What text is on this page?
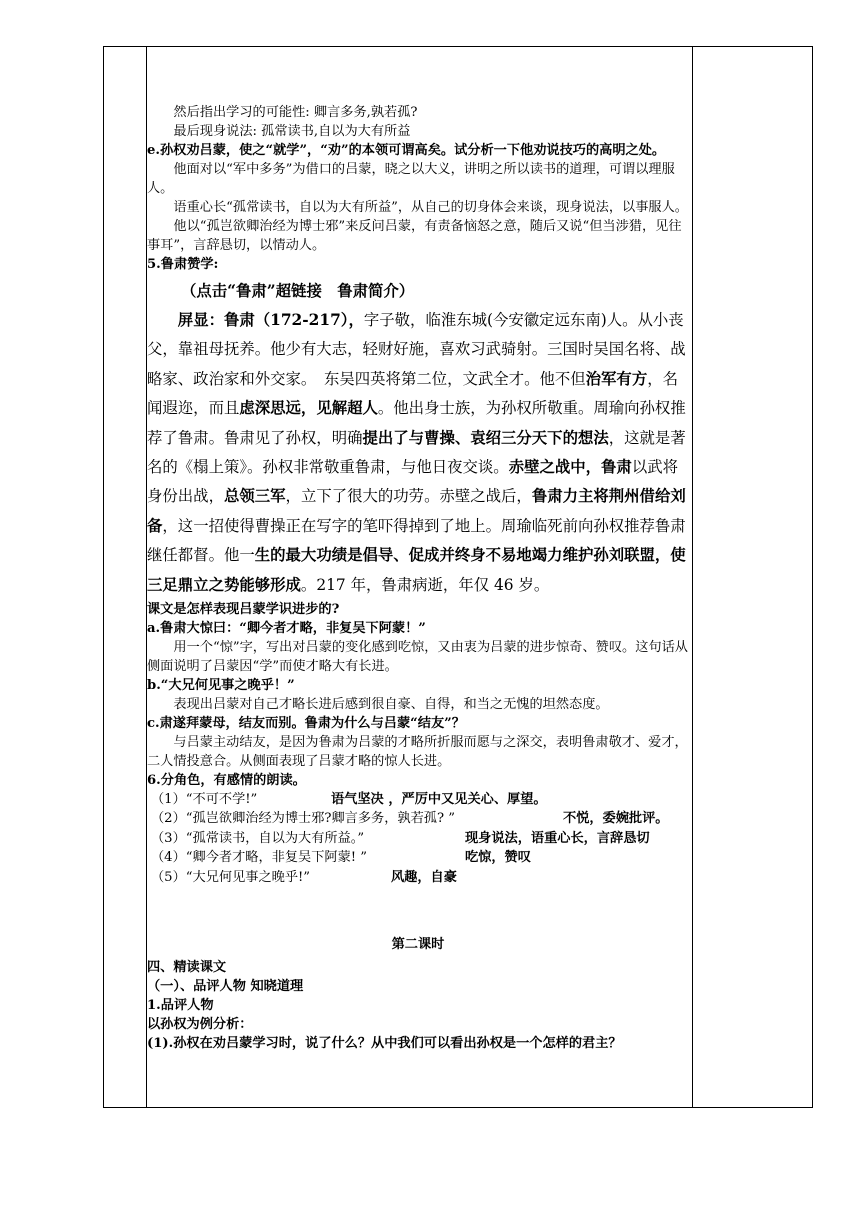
然后指出学习的可能性: 卿言多务,孰若孤?

最后现身说法: 孤常读书,自以为大有所益

e.孙权劝吕蒙，使之“就学”，“劝”的本领可谓高矣。试分析一下他劝说技巧的高明之处。

他面对以“军中多务”为借口的吕蒙，晓之以大义，讲明之所以读书的道理，可谓以理服人。

语重心长“孤常读书，自以为大有所益”，从自己的切身体会来谈，现身说法，以事服人。

他以“孤岂欲卿治经为博士邪”来反问吕蒙，有责备恼怒之意，随后又说“但当涉猎，见往事耳”，言辞恳切，以情动人。

5.鲁肃赞学:

（点击“鲁肃”超链接　鲁肃简介）

屏显：鲁肃（172-217），字子敬，临淮东城(今安徽定远东南)人。从小丧父，靠祖母抚养。他少有大志，轻财好施，喜欢习武骑射。三国时吴国名将、战略家、政治家和外交家。　东吴四英将第二位，文武全才。他不但治军有方，名闻遐迩，而且虑深思远，见解超人。他出身士族，为孙权所敬重。周瑜向孙权推荐了鲁肃。鲁肃见了孙权，明确提出了与曹操、袁绍三分天下的想法，这就是著名的《榻上策》。孙权非常敬重鲁肃，与他日夜交谈。赤壁之战中，鲁肃以武将身份出战，总领三军，立下了很大的功劳。赤壁之战后，鲁肃力主将荆州借给刘备，这一招使得曹操正在写字的笔吓得掉到了地上。周瑜临死前向孙权推荐鲁肃继任都督。他一生的最大功绩是倡导、促成并终身不易地竭力维护孙刘联盟，使三足鼎立之势能够形成。217 年，鲁肃病逝，年仅 46 岁。

课文是怎样表现吕蒙学识进步的?

a.鲁肃大惊曰：“卿今者才略，非复吴下阿蒙！”

用一个“惊”字，写出对吕蒙的变化感到吃惊，又由衷为吕蒙的进步惊奇、赞叹。这句话从侧面说明了吕蒙因“学”而使才略大有长进。

b.“大兄何见事之晚乎！”

表现出吕蒙对自己才略长进后感到很自豪、自得，和当之无愧的坦然态度。

c.肃遂拜蒙母，结友而别。鲁肃为什么与吕蒙“结友”？

与吕蒙主动结友，是因为鲁肃为吕蒙的才略所折服而愿与之深交，表明鲁肃敬才、爱才，二人情投意合。从侧面表现了吕蒙才略的惊人长进。

6.分角色，有感情的朗读。

（1）“不可不学!”	语气坚决 ，严厉中又见关心、厚望。
（2）“孤岂欲卿治经为博士邪?卿言多务，孰若孤? ”	不悦，委婉批评。
（3）“孤常读书，自以为大有所益。”	现身说法，语重心长，言辞恳切
（4）“卿今者才略，非复吴下阿蒙! ”	吃惊，赞叹
（5）“大兄何见事之晚乎!”	风趣，自豪

第二课时

四、精读课文

（一）、品评人物 知晓道理

1.品评人物

以孙权为例分析：

(1).孙权在劝吕蒙学习时，说了什么？从中我们可以看出孙权是一个怎样的君主？
